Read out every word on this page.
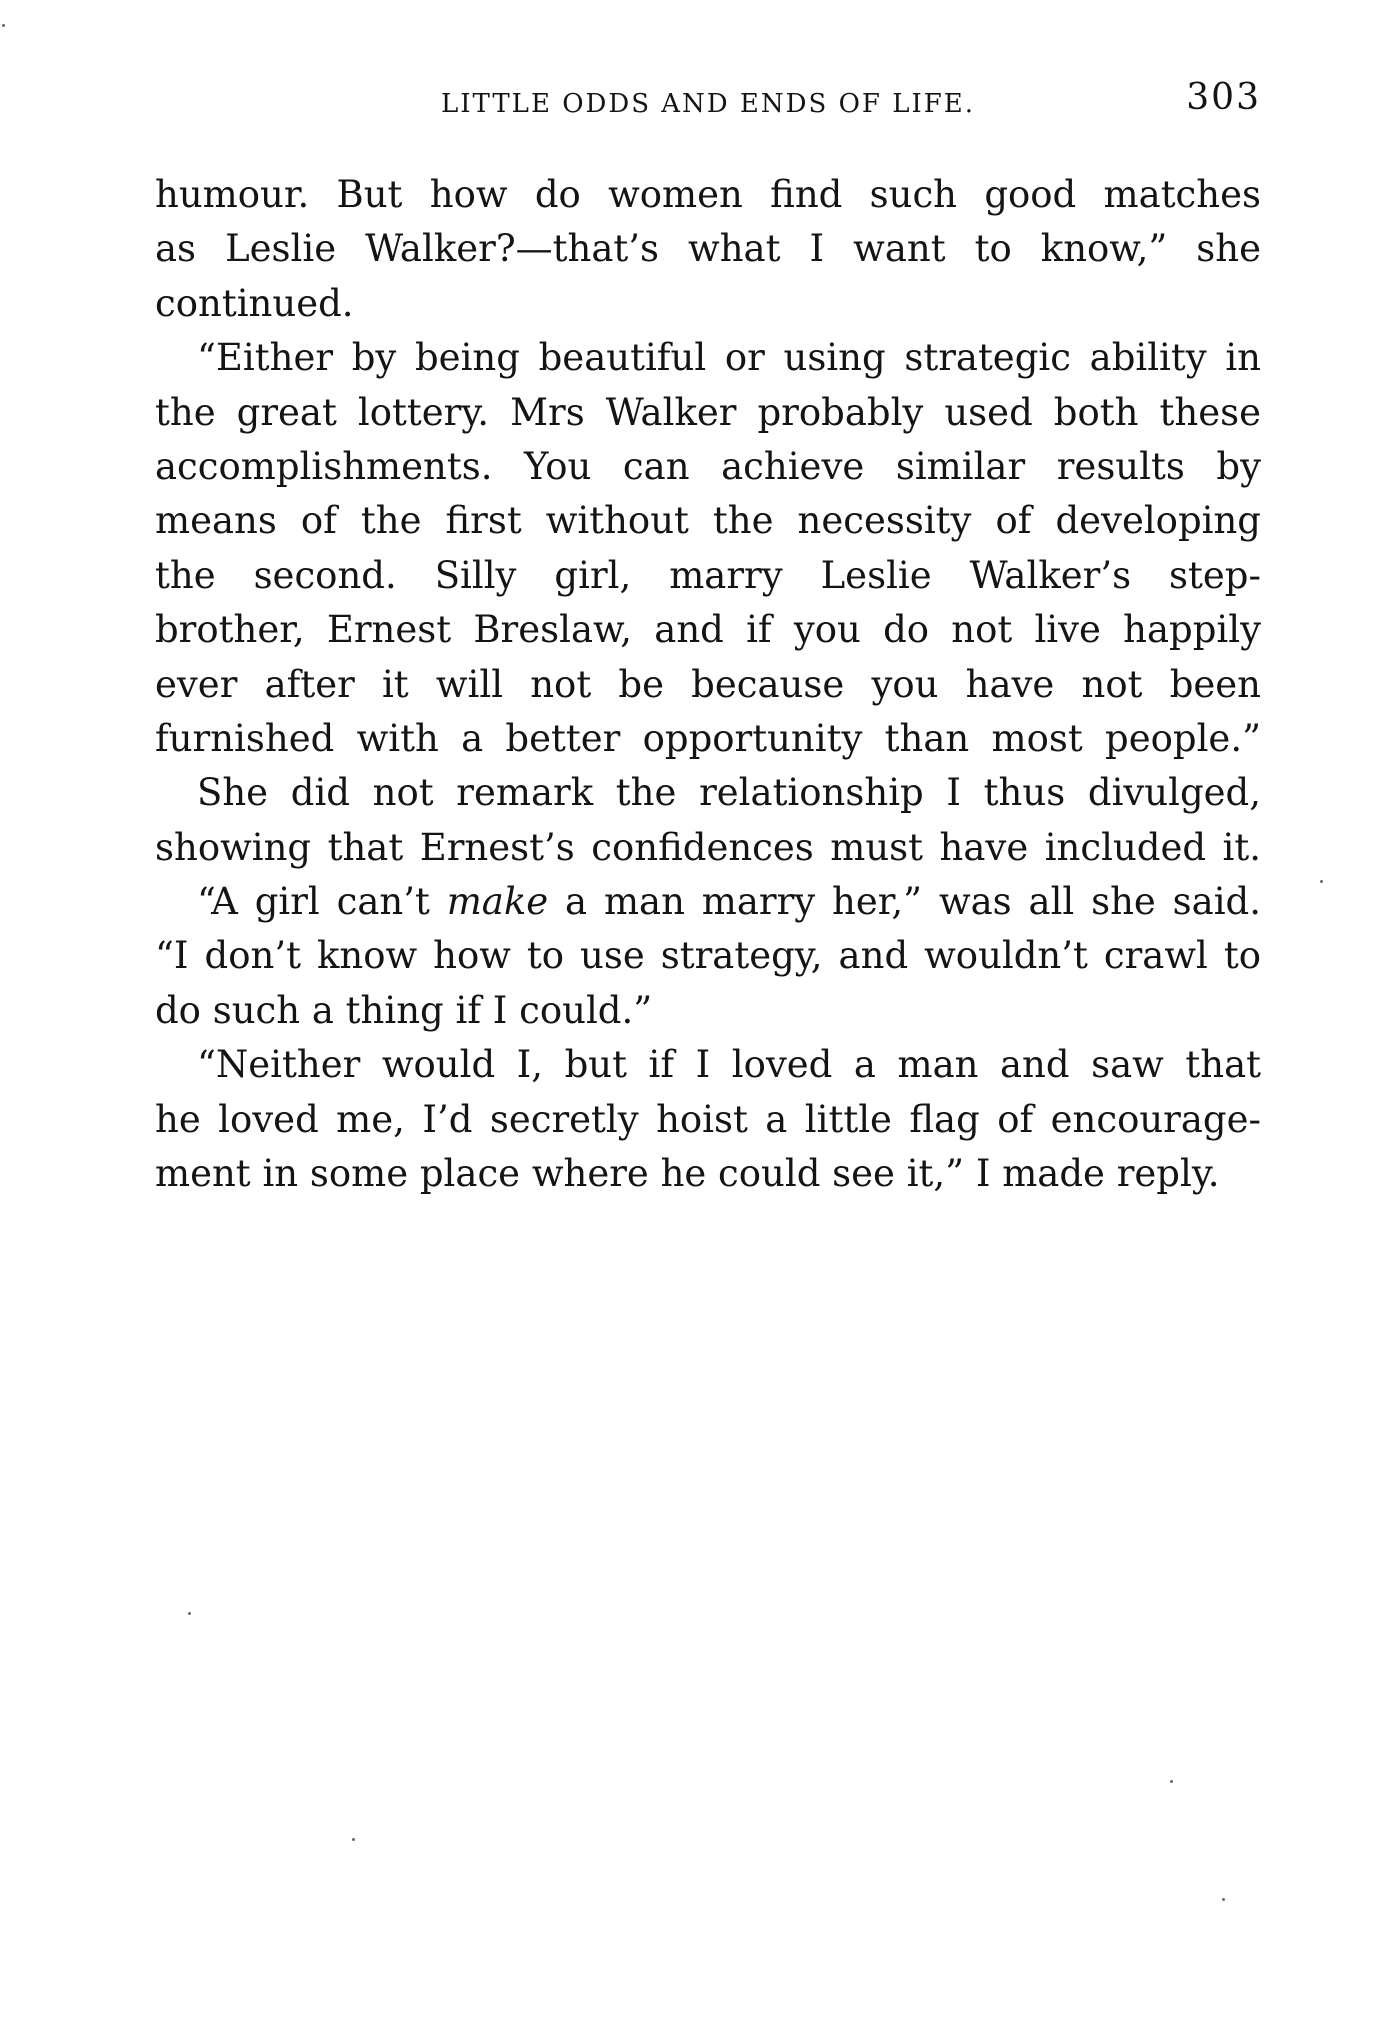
LITTLE ODDS AND ENDS OF LIFE.	303
humour. But how do women find such good matches
as Leslie Walker?—that’s what I want to know,” she
continued.
“Either by being beautiful or using strategic ability in
the great lottery. Mrs Walker probably used both these
accomplishments. You can achieve similar results by
means of the first without the necessity of developing
the second. Silly girl, marry Leslie Walker’s step-
brother, Ernest Breslaw, and if you do not live happily
ever after it will not be because you have not been
furnished with a better opportunity than most people.”
She did not remark the relationship I thus divulged,
showing that Ernest’s confidences must have included it.
“A girl can’t make a man marry her,” was all she said.
“I don’t know how to use strategy, and wouldn’t crawl to
do such a thing if I could.”
“Neither would I, but if I loved a man and saw that
he loved me, I’d secretly hoist a little flag of encourage-
ment in some place where he could see it,” I made reply.
